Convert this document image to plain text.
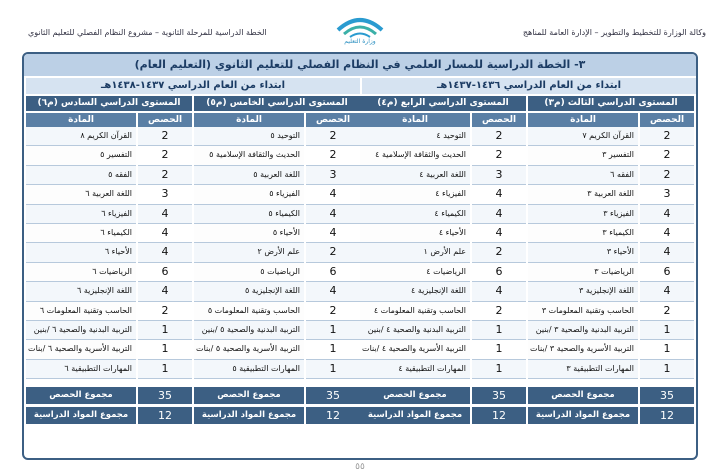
الخطة الدراسية للمرحلة الثانوية – مشروع النظام الفصلي للتعليم الثانوي
وزارة التعليم
وكالة الوزارة للتخطيط والتطوير – الإدارة العامة للمناهج
٣- الخطة الدراسية للمسار العلمي في النظام الفصلي للتعليم الثانوي (التعليم العام)
ابتداء من العام الدراسي ١٤٣٦-١٤٣٧هـ
ابتداء من العام الدراسي ١٤٣٧-١٤٣٨هـ
المستوى الدراسي الثالث (م٣)
المادة	الحصص
القرآن الكريم ٧	2
التفسير ٣	2
الفقه ٦	2
اللغة العربية ٣	3
الفيزياء ٣	4
الكيمياء ٣	4
الأحياء ٣	4
الرياضيات ٣	6
اللغة الإنجليزية ٣	4
الحاسب وتقنية المعلومات ٣	2
التربية البدنية والصحية ٣ /بنين	1
التربية الأسرية والصحية ٣ /بنات	1
المهارات التطبيقية ٣	1
مجموع الحصص	35
مجموع المواد الدراسية	12
المستوى الدراسي الرابع (م٤)
المادة	الحصص
التوحيد ٤	2
الحديث والثقافة الإسلامية ٤	2
اللغة العربية ٤	3
الفيزياء ٤	4
الكيمياء ٤	4
الأحياء ٤	4
علم الأرض ١	2
الرياضيات ٤	6
اللغة الإنجليزية ٤	4
الحاسب وتقنية المعلومات ٤	2
التربية البدنية والصحية ٤ /بنين	1
التربية الأسرية والصحية ٤ /بنات	1
المهارات التطبيقية ٤	1
مجموع الحصص	35
مجموع المواد الدراسية	12
المستوى الدراسي الخامس (م٥)
المادة	الحصص
التوحيد ٥	2
الحديث والثقافة الإسلامية ٥	2
اللغة العربية ٥	3
الفيزياء ٥	4
الكيمياء ٥	4
الأحياء ٥	4
علم الأرض ٢	2
الرياضيات ٥	6
اللغة الإنجليزية ٥	4
الحاسب وتقنية المعلومات ٥	2
التربية البدنية والصحية ٥ /بنين	1
التربية الأسرية والصحية ٥ /بنات	1
المهارات التطبيقية ٥	1
مجموع الحصص	35
مجموع المواد الدراسية	12
المستوى الدراسي السادس (م٦)
المادة	الحصص
القرآن الكريم ٨	2
التفسير ٥	2
الفقه ٥	2
اللغة العربية ٦	3
الفيزياء ٦	4
الكيمياء ٦	4
الأحياء ٦	4
الرياضيات ٦	6
اللغة الإنجليزية ٦	4
الحاسب وتقنية المعلومات ٦	2
التربية البدنية والصحية ٦ /بنين	1
التربية الأسرية والصحية ٦ /بنات	1
المهارات التطبيقية ٦	1
مجموع الحصص	35
مجموع المواد الدراسية	12
٥٥
